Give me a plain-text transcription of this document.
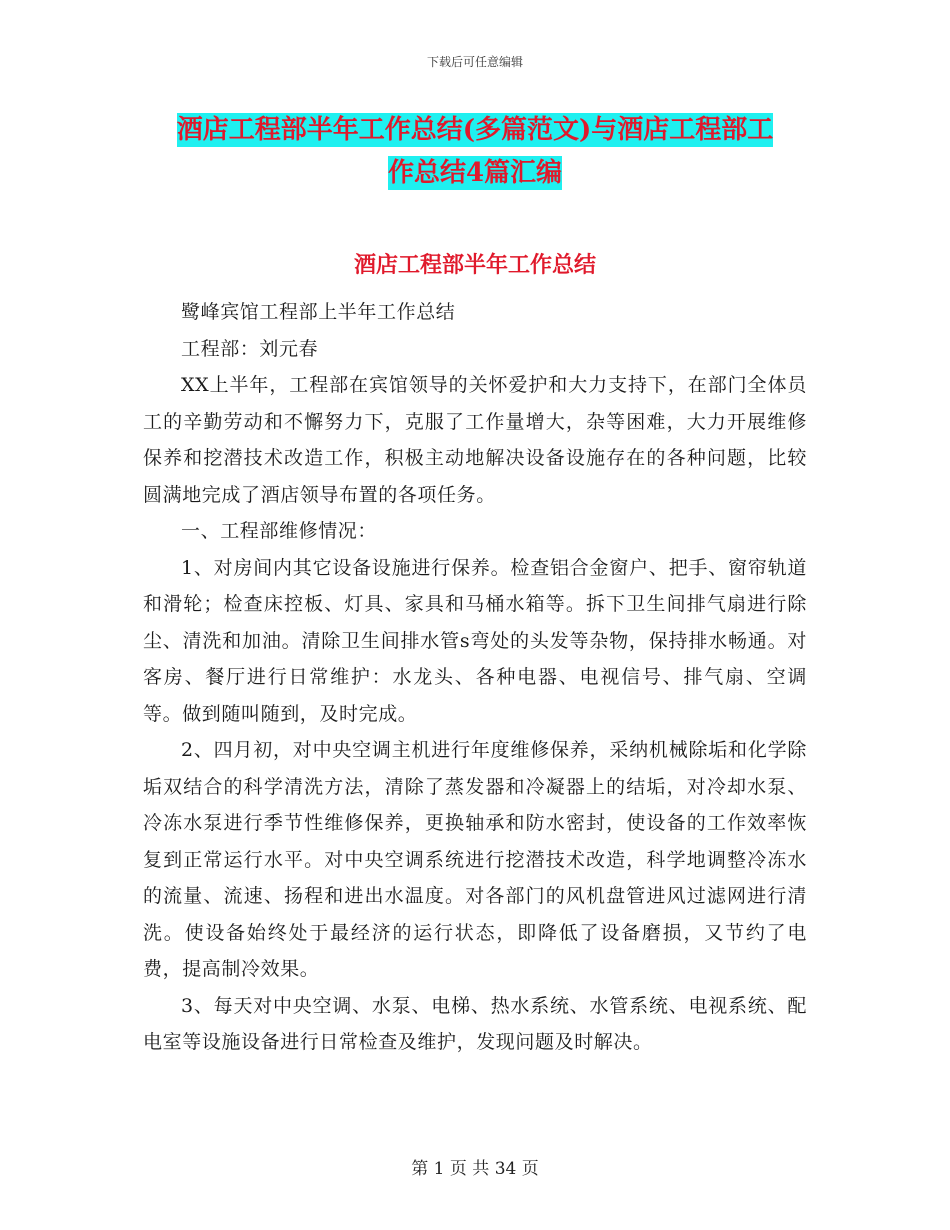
下载后可任意编辑
酒店工程部半年工作总结(多篇范文)与酒店工程部工
作总结4篇汇编
酒店工程部半年工作总结

鹭峰宾馆工程部上半年工作总结

工程部：刘元春

XX上半年，工程部在宾馆领导的关怀爱护和大力支持下，在部门全体员工的辛勤劳动和不懈努力下，克服了工作量增大，杂等困难，大力开展维修保养和挖潜技术改造工作，积极主动地解决设备设施存在的各种问题，比较圆满地完成了酒店领导布置的各项任务。

一、工程部维修情况：

1、对房间内其它设备设施进行保养。检查铝合金窗户、把手、窗帘轨道和滑轮；检查床控板、灯具、家具和马桶水箱等。拆下卫生间排气扇进行除尘、清洗和加油。清除卫生间排水管s弯处的头发等杂物，保持排水畅通。对客房、餐厅进行日常维护：水龙头、各种电器、电视信号、排气扇、空调等。做到随叫随到，及时完成。

2、四月初，对中央空调主机进行年度维修保养，采纳机械除垢和化学除垢双结合的科学清洗方法，清除了蒸发器和冷凝器上的结垢，对冷却水泵、冷冻水泵进行季节性维修保养，更换轴承和防水密封，使设备的工作效率恢复到正常运行水平。对中央空调系统进行挖潜技术改造，科学地调整冷冻水的流量、流速、扬程和进出水温度。对各部门的风机盘管进风过滤网进行清洗。使设备始终处于最经济的运行状态，即降低了设备磨损，又节约了电费，提高制冷效果。

3、每天对中央空调、水泵、电梯、热水系统、水管系统、电视系统、配电室等设施设备进行日常检查及维护，发现问题及时解决。

第 1 页 共 34 页
